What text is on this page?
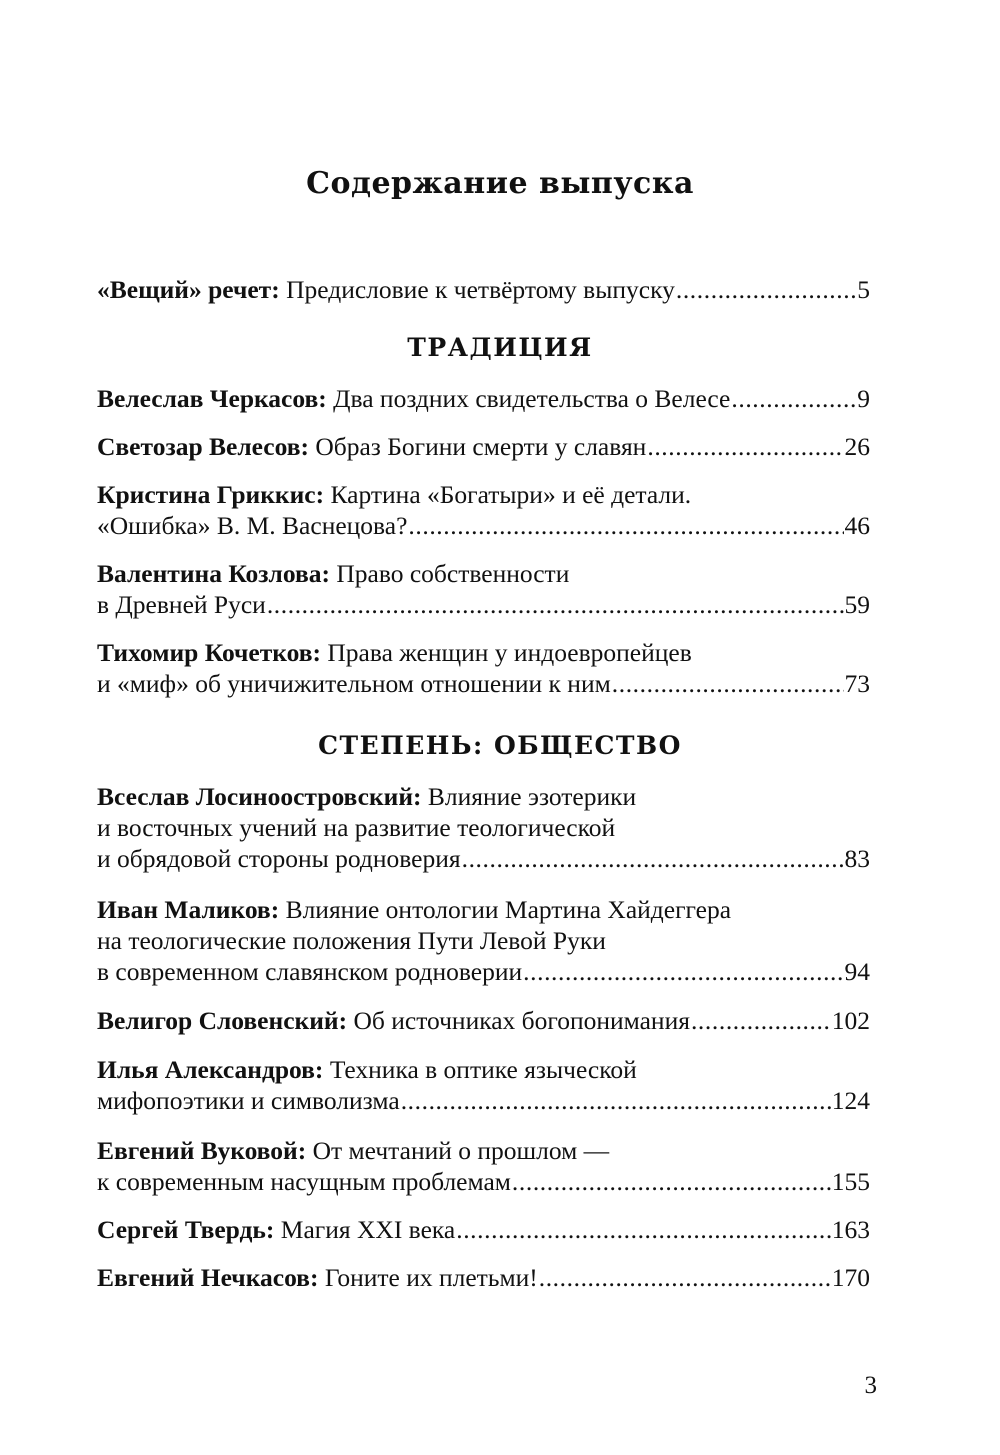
Содержание выпуска
«Вещий» речет: Предисловие к четвёртому выпуску .....	5
ТРАДИЦИЯ
Велеслав Черкасов: Два поздних свидетельства о Велесе .....	9
Светозар Велесов: Образ Богини смерти у славян .....	26
Кристина Гриккис: Картина «Богатыри» и её детали.
«Ошибка» В. М. Васнецова? .....	46
Валентина Козлова: Право собственности
в Древней Руси .....	59
Тихомир Кочетков: Права женщин у индоевропейцев
и «миф» об уничижительном отношении к ним .....	73
СТЕПЕНЬ: ОБЩЕСТВО
Всеслав Лосиноостровский: Влияние эзотерики
и восточных учений на развитие теологической
и обрядовой стороны родноверия .....	83
Иван Маликов: Влияние онтологии Мартина Хайдеггера
на теологические положения Пути Левой Руки
в современном славянском родноверии .....	94
Велигор Словенский: Об источниках богопонимания .....	102
Илья Александров: Техника в оптике языческой
мифопоэтики и символизма .....	124
Евгений Вуковой: От мечтаний о прошлом —
к современным насущным проблемам .....	155
Сергей Твердь: Магия XXI века .....	163
Евгений Нечкасов: Гоните их плетьми! .....	170
3
